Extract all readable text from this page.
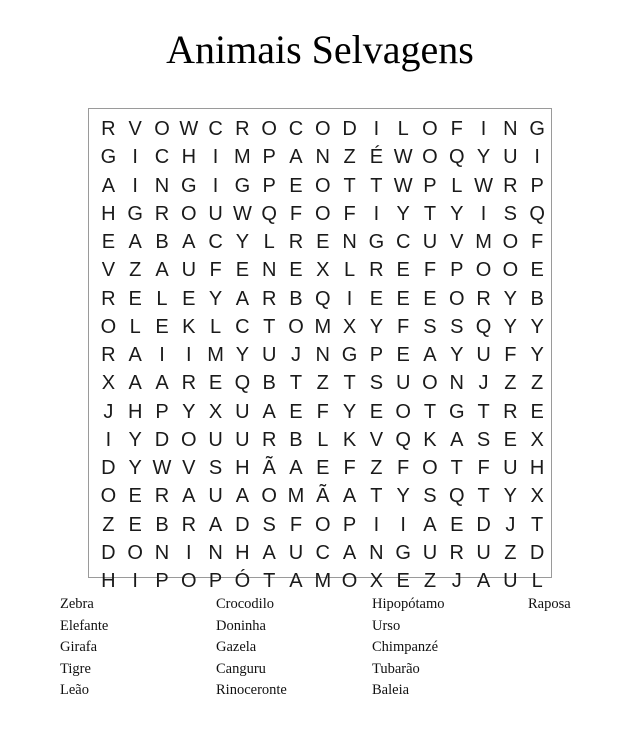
Animais Selvagens
R V O W C R O C O D I L O F I N G
G I C H I M P A N Z É W O Q Y U I
A I N G I G P E O T T W P L W R P
H G R O U W Q F O F I Y T Y I S Q
E A B A C Y L R E N G C U V M O F
V Z A U F E N E X L R E F P O O E
R E L E Y A R B Q I E E E O R Y B
O L E K L C T O M X Y F S S Q Y Y
R A I	I M Y U J N G P E A Y U F Y
X A A R E Q B T Z T S U O N J Z Z
J H P Y X U A E F Y E O T G T R E
I Y D O U U R B L K V Q K A S E X
D Y W V S H Ã A E F Z F O T F U H
O E R A U A O M Ã A T Y S Q T Y X
Z E B R A D S F O P I	I A E D J T
D O N I N H A U C A N G U R U Z D
H I P O P Ó T A M O X E Z J A U L
Zebra
Elefante
Girafa
Tigre
Leão
Crocodilo
Doninha
Gazela
Canguru
Rinoceronte
Hipopótamo
Urso
Chimpanzé
Tubarão
Baleia
Raposa
